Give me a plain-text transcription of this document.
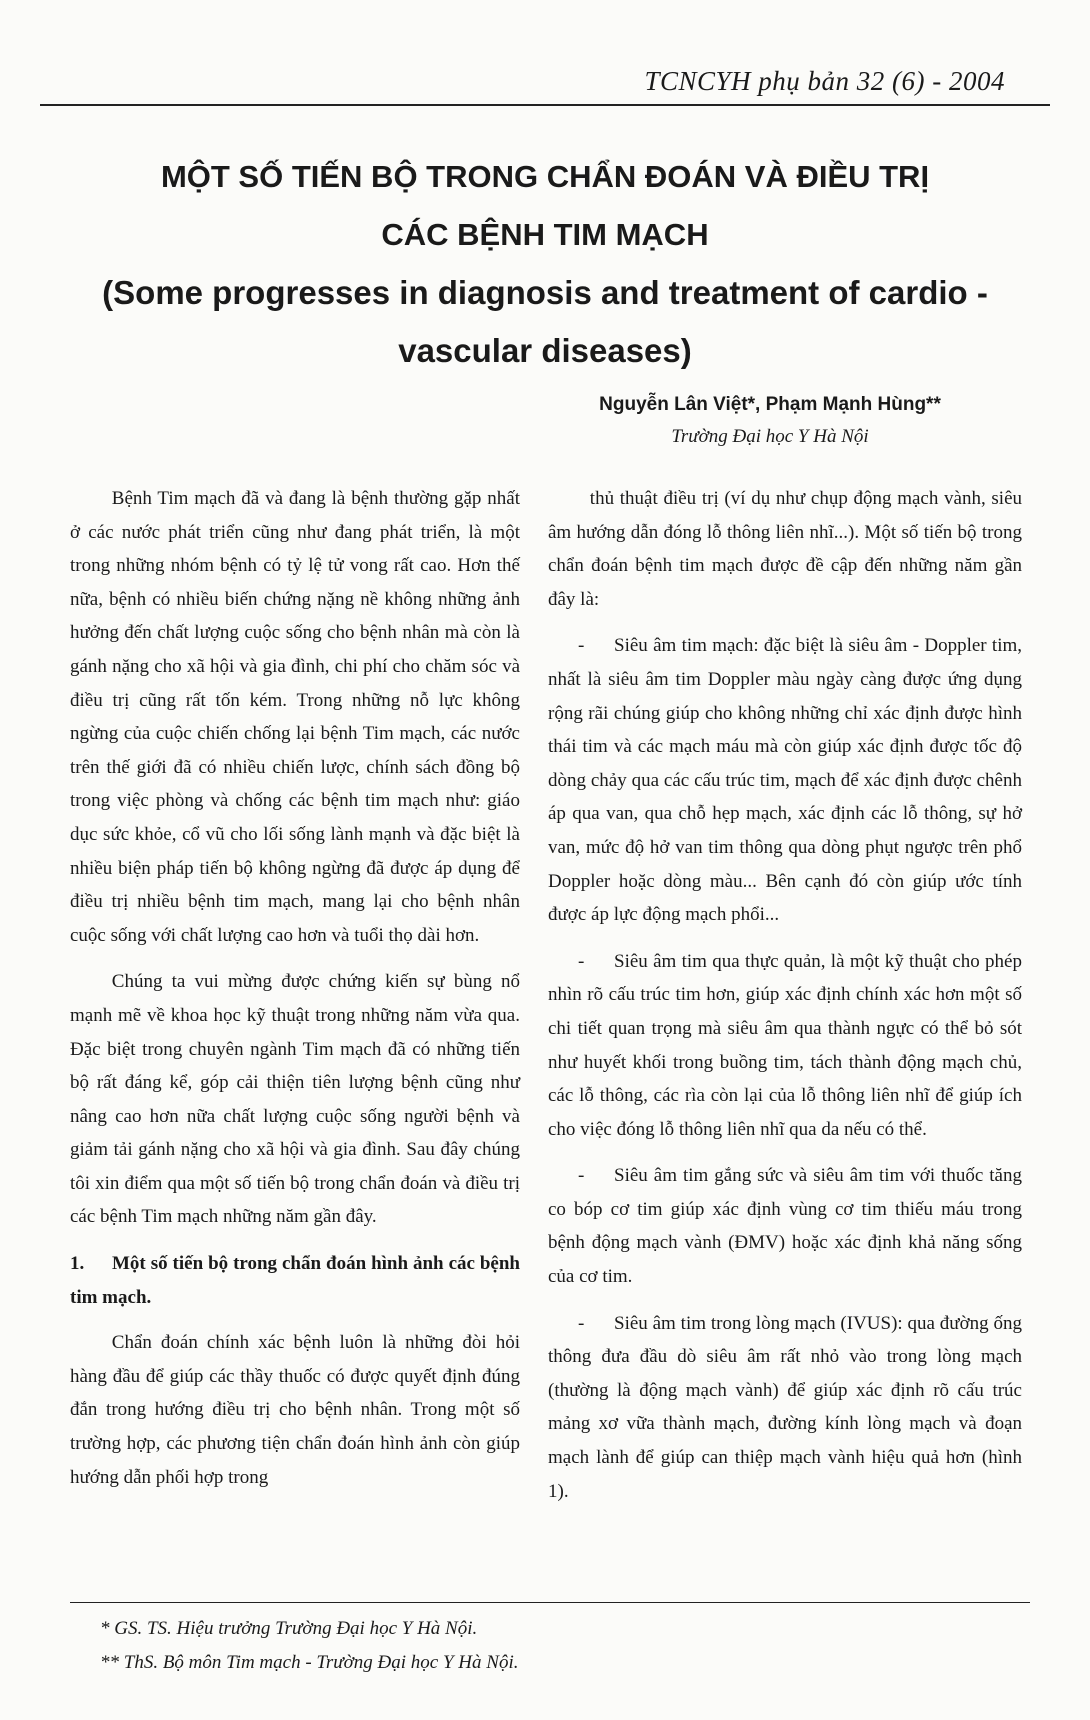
TCNCYH phụ bản 32 (6) - 2004
MỘT SỐ TIẾN BỘ TRONG CHẨN ĐOÁN VÀ ĐIỀU TRỊ
CÁC BỆNH TIM MẠCH
(Some progresses in diagnosis and treatment of cardio -
vascular diseases)
Nguyễn Lân Việt*, Phạm Mạnh Hùng**
Trường Đại học Y Hà Nội

Bệnh Tim mạch đã và đang là bệnh thường gặp nhất ở các nước phát triển cũng như đang phát triển, là một trong những nhóm bệnh có tỷ lệ tử vong rất cao. Hơn thế nữa, bệnh có nhiều biến chứng nặng nề không những ảnh hưởng đến chất lượng cuộc sống cho bệnh nhân mà còn là gánh nặng cho xã hội và gia đình, chi phí cho chăm sóc và điều trị cũng rất tốn kém. Trong những nỗ lực không ngừng của cuộc chiến chống lại bệnh Tim mạch, các nước trên thế giới đã có nhiều chiến lược, chính sách đồng bộ trong việc phòng và chống các bệnh tim mạch như: giáo dục sức khỏe, cổ vũ cho lối sống lành mạnh và đặc biệt là nhiều biện pháp tiến bộ không ngừng đã được áp dụng để điều trị nhiều bệnh tim mạch, mang lại cho bệnh nhân cuộc sống với chất lượng cao hơn và tuổi thọ dài hơn.

Chúng ta vui mừng được chứng kiến sự bùng nổ mạnh mẽ về khoa học kỹ thuật trong những năm vừa qua. Đặc biệt trong chuyên ngành Tim mạch đã có những tiến bộ rất đáng kể, góp cải thiện tiên lượng bệnh cũng như nâng cao hơn nữa chất lượng cuộc sống người bệnh và giảm tải gánh nặng cho xã hội và gia đình. Sau đây chúng tôi xin điểm qua một số tiến bộ trong chẩn đoán và điều trị các bệnh Tim mạch những năm gần đây.

1. Một số tiến bộ trong chẩn đoán hình ảnh các bệnh tim mạch.

Chẩn đoán chính xác bệnh luôn là những đòi hỏi hàng đầu để giúp các thầy thuốc có được quyết định đúng đắn trong hướng điều trị cho bệnh nhân. Trong một số trường hợp, các phương tiện chẩn đoán hình ảnh còn giúp hướng dẫn phối hợp trong

thủ thuật điều trị (ví dụ như chụp động mạch vành, siêu âm hướng dẫn đóng lỗ thông liên nhĩ...). Một số tiến bộ trong chẩn đoán bệnh tim mạch được đề cập đến những năm gần đây là:

- Siêu âm tim mạch: đặc biệt là siêu âm - Doppler tim, nhất là siêu âm tim Doppler màu ngày càng được ứng dụng rộng rãi chúng giúp cho không những chỉ xác định được hình thái tim và các mạch máu mà còn giúp xác định được tốc độ dòng chảy qua các cấu trúc tim, mạch để xác định được chênh áp qua van, qua chỗ hẹp mạch, xác định các lỗ thông, sự hở van, mức độ hở van tim thông qua dòng phụt ngược trên phổ Doppler hoặc dòng màu... Bên cạnh đó còn giúp ước tính được áp lực động mạch phổi...

- Siêu âm tim qua thực quản, là một kỹ thuật cho phép nhìn rõ cấu trúc tim hơn, giúp xác định chính xác hơn một số chi tiết quan trọng mà siêu âm qua thành ngực có thể bỏ sót như huyết khối trong buồng tim, tách thành động mạch chủ, các lỗ thông, các rìa còn lại của lỗ thông liên nhĩ để giúp ích cho việc đóng lỗ thông liên nhĩ qua da nếu có thể.

- Siêu âm tim gắng sức và siêu âm tim với thuốc tăng co bóp cơ tim giúp xác định vùng cơ tim thiếu máu trong bệnh động mạch vành (ĐMV) hoặc xác định khả năng sống của cơ tim.

- Siêu âm tim trong lòng mạch (IVUS): qua đường ống thông đưa đầu dò siêu âm rất nhỏ vào trong lòng mạch (thường là động mạch vành) để giúp xác định rõ cấu trúc mảng xơ vữa thành mạch, đường kính lòng mạch và đoạn mạch lành để giúp can thiệp mạch vành hiệu quả hơn (hình 1).

* GS. TS. Hiệu trưởng Trường Đại học Y Hà Nội.
** ThS. Bộ môn Tim mạch - Trường Đại học Y Hà Nội.
